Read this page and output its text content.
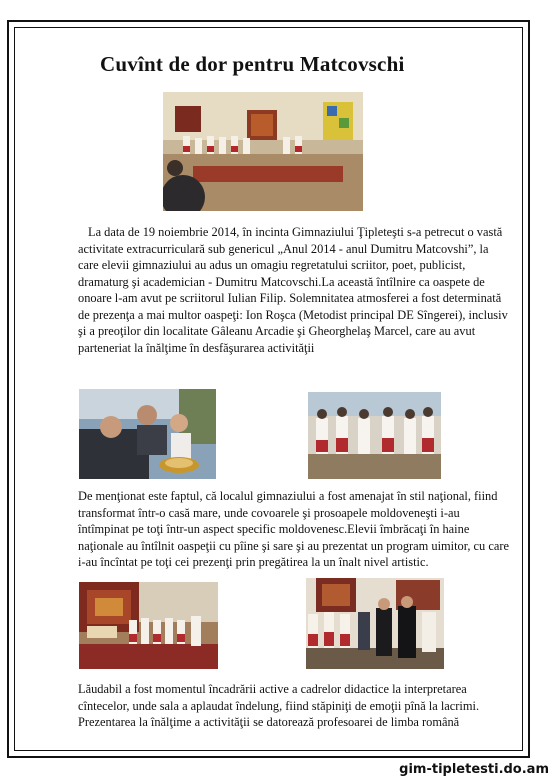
Cuvînt de dor pentru Matcovschi

La data de 19 noiembrie 2014, în incinta Gimnaziului Ţipleteşti s-a petrecut o vastă activitate extracurriculară sub genericul „Anul 2014 - anul Dumitru Matcovshi”, la care elevii gimnaziului au adus un omagiu regretatului scriitor, poet, publicist, dramaturg şi academician - Dumitru Matcovschi.La această întîlnire ca oaspete de onoare l-am avut pe scriitorul Iulian Filip. Solemnitatea atmosferei a fost determinată de prezenţa a mai multor oaspeţi: Ion Roşca (Metodist principal DE Sîngerei), inclusiv şi a preoţilor din localitate Gâleanu Arcadie şi Gheorghelaş Marcel, care au avut parteneriat la înălţime în desfăşurarea activităţii

De menţionat este faptul, că localul gimnaziului a fost amenajat în stil naţional, fiind transformat într-o casă mare, unde covoarele şi prosoapele moldoveneşti i-au întîmpinat pe toţi într-un aspect specific moldovenesc.Elevii îmbrăcaţi în haine naţionale au întîlnit oaspeţii cu pîine şi sare şi au prezentat un program uimitor, cu care i-au încîntat pe toţi cei prezenţi prin pregătirea la un înalt nivel artistic.

Lăudabil a fost momentul încadrării active a cadrelor didactice la interpretarea cîntecelor, unde sala a aplaudat îndelung, fiind stăpiniţi de emoţii pînă la lacrimi. Prezentarea la înălţime a activităţii se datorează profesoarei de limba română

gim-tipletesti.do.am
